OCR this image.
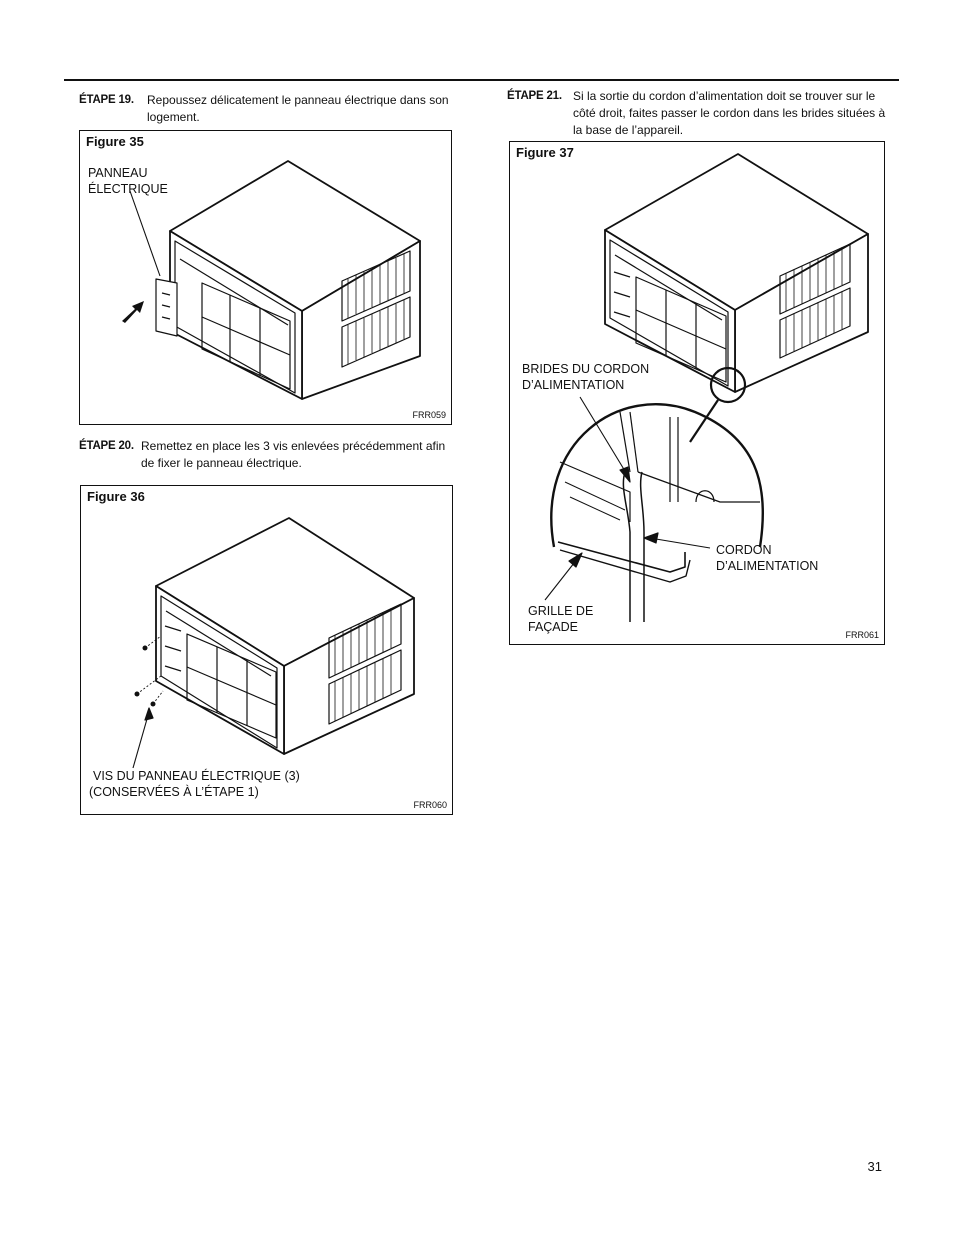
ÉTAPE 19. Repoussez délicatement le panneau électrique dans son logement.
Figure 35
PANNEAU
ÉLECTRIQUE
FRR059
ÉTAPE 20. Remettez en place les 3 vis enlevées précédemment afin de fixer le panneau électrique.
Figure 36
VIS DU PANNEAU ÉLECTRIQUE (3)
(CONSERVÉES À L’ÉTAPE 1)
FRR060
ÉTAPE 21. Si la sortie du cordon d’alimentation doit se trouver sur le côté droit, faites passer le cordon dans les brides situées à la base de l’appareil.
Figure 37
BRIDES DU CORDON
D’ALIMENTATION
CORDON
D’ALIMENTATION
GRILLE DE
FAÇADE
FRR061
31
